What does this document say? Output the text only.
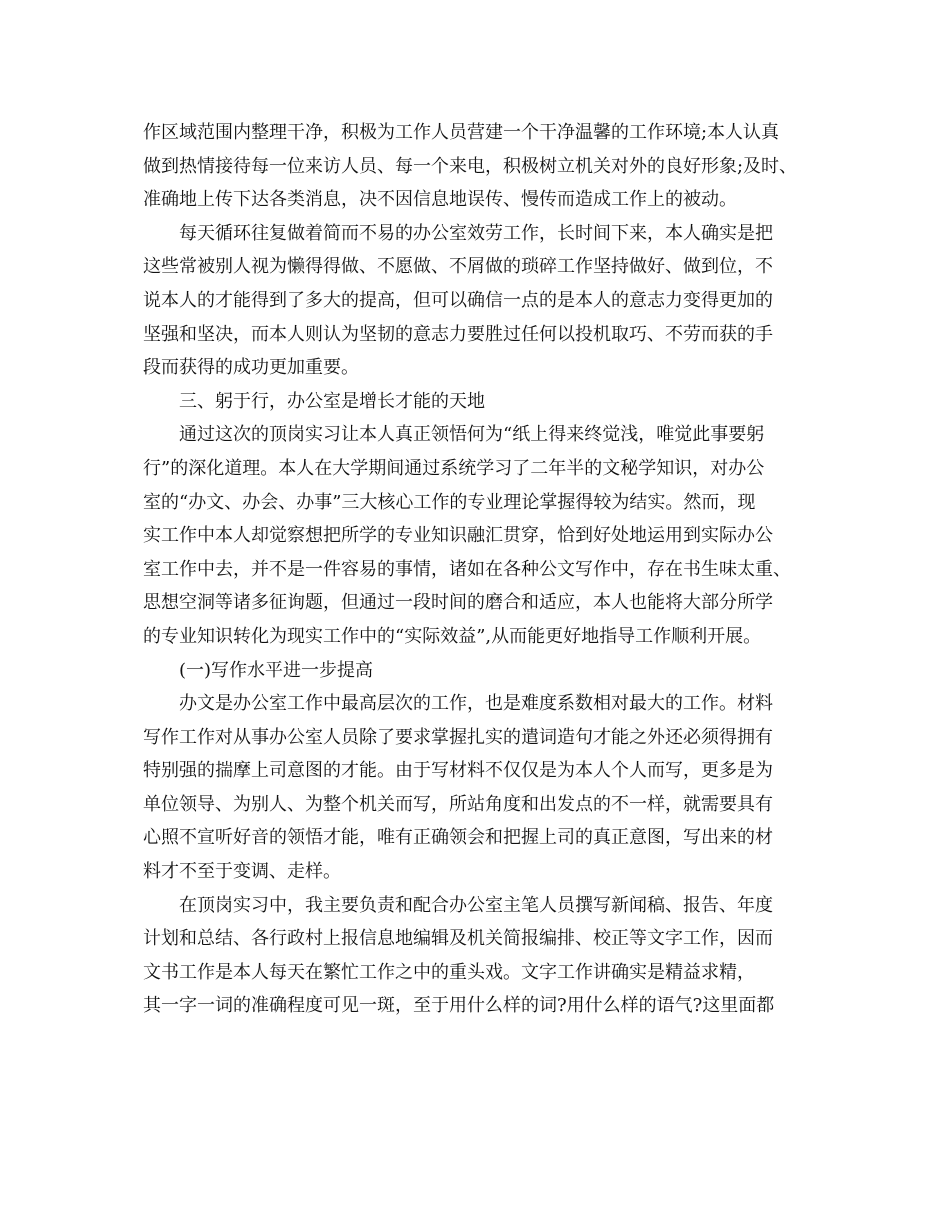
作区域范围内整理干净，积极为工作人员营建一个干净温馨的工作环境;本人认真
做到热情接待每一位来访人员、每一个来电，积极树立机关对外的良好形象;及时、
准确地上传下达各类消息，决不因信息地误传、慢传而造成工作上的被动。
每天循环往复做着简而不易的办公室效劳工作，长时间下来，本人确实是把
这些常被别人视为懒得得做、不愿做、不屑做的琐碎工作坚持做好、做到位，不
说本人的才能得到了多大的提高，但可以确信一点的是本人的意志力变得更加的
坚强和坚决，而本人则认为坚韧的意志力要胜过任何以投机取巧、不劳而获的手
段而获得的成功更加重要。
三、躬于行，办公室是增长才能的天地
通过这次的顶岗实习让本人真正领悟何为“纸上得来终觉浅，唯觉此事要躬
行”的深化道理。本人在大学期间通过系统学习了二年半的文秘学知识，对办公
室的“办文、办会、办事”三大核心工作的专业理论掌握得较为结实。然而，现
实工作中本人却觉察想把所学的专业知识融汇贯穿，恰到好处地运用到实际办公
室工作中去，并不是一件容易的事情，诸如在各种公文写作中，存在书生味太重、
思想空洞等诸多征询题，但通过一段时间的磨合和适应，本人也能将大部分所学
的专业知识转化为现实工作中的“实际效益”,从而能更好地指导工作顺利开展。
(一)写作水平进一步提高
办文是办公室工作中最高层次的工作，也是难度系数相对最大的工作。材料
写作工作对从事办公室人员除了要求掌握扎实的遣词造句才能之外还必须得拥有
特别强的揣摩上司意图的才能。由于写材料不仅仅是为本人个人而写，更多是为
单位领导、为别人、为整个机关而写，所站角度和出发点的不一样，就需要具有
心照不宣听好音的领悟才能，唯有正确领会和把握上司的真正意图，写出来的材
料才不至于变调、走样。
在顶岗实习中，我主要负责和配合办公室主笔人员撰写新闻稿、报告、年度
计划和总结、各行政村上报信息地编辑及机关简报编排、校正等文字工作，因而
文书工作是本人每天在繁忙工作之中的重头戏。文字工作讲确实是精益求精，
其一字一词的准确程度可见一斑，至于用什么样的词?用什么样的语气?这里面都
